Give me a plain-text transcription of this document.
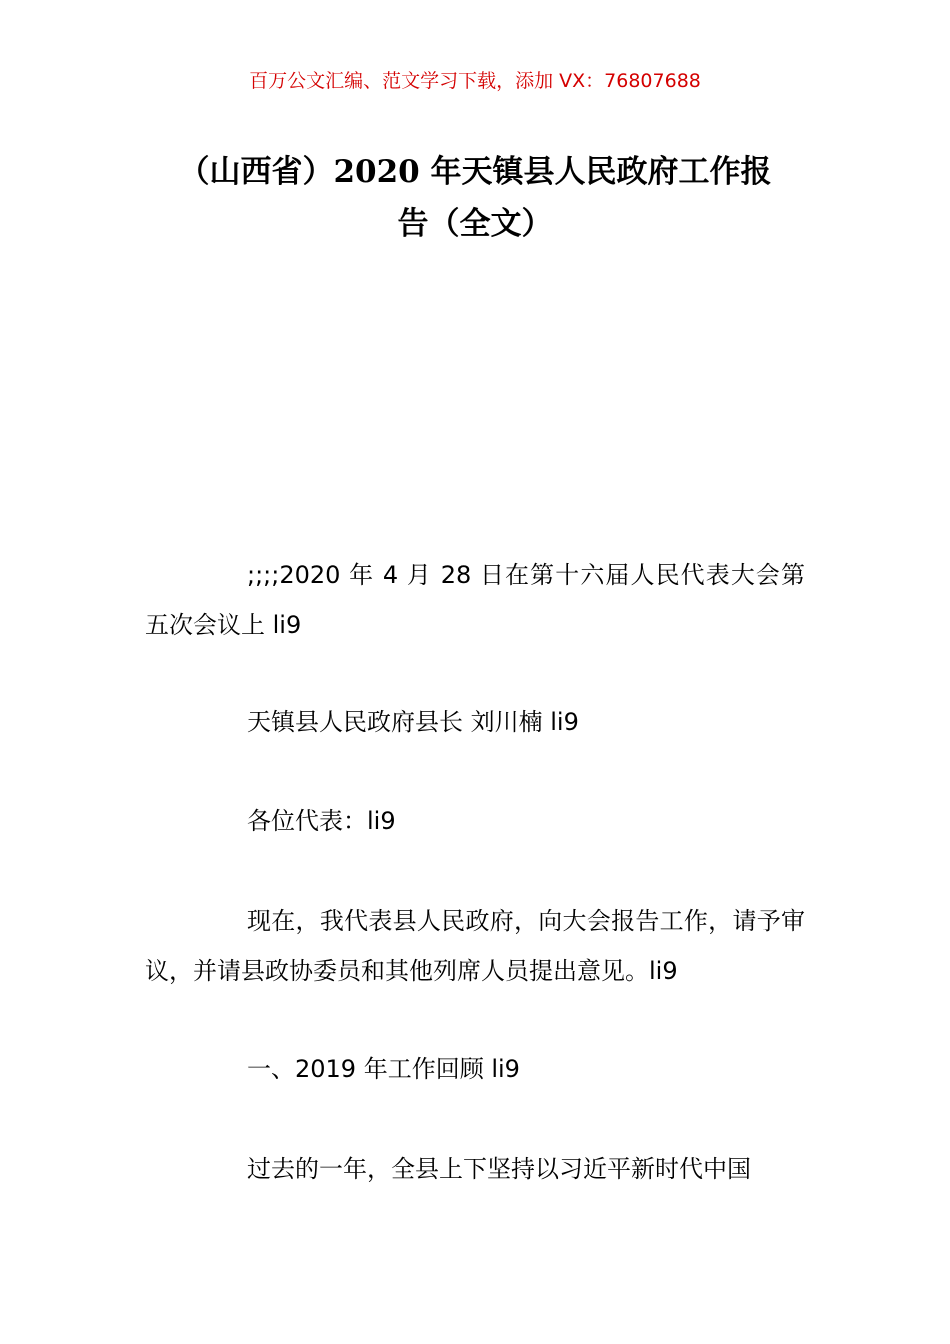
百万公文汇编、范文学习下载，添加 VX：76807688
（山西省）2020 年天镇县人民政府工作报
告（全文）

;;;;2020 年 4 月 28 日在第十六届人民代表大会第五次会议上 li9

天镇县人民政府县长 刘川楠 li9

各位代表：li9

现在，我代表县人民政府，向大会报告工作，请予审议，并请县政协委员和其他列席人员提出意见。li9

一、2019 年工作回顾 li9

过去的一年，全县上下坚持以习近平新时代中国
